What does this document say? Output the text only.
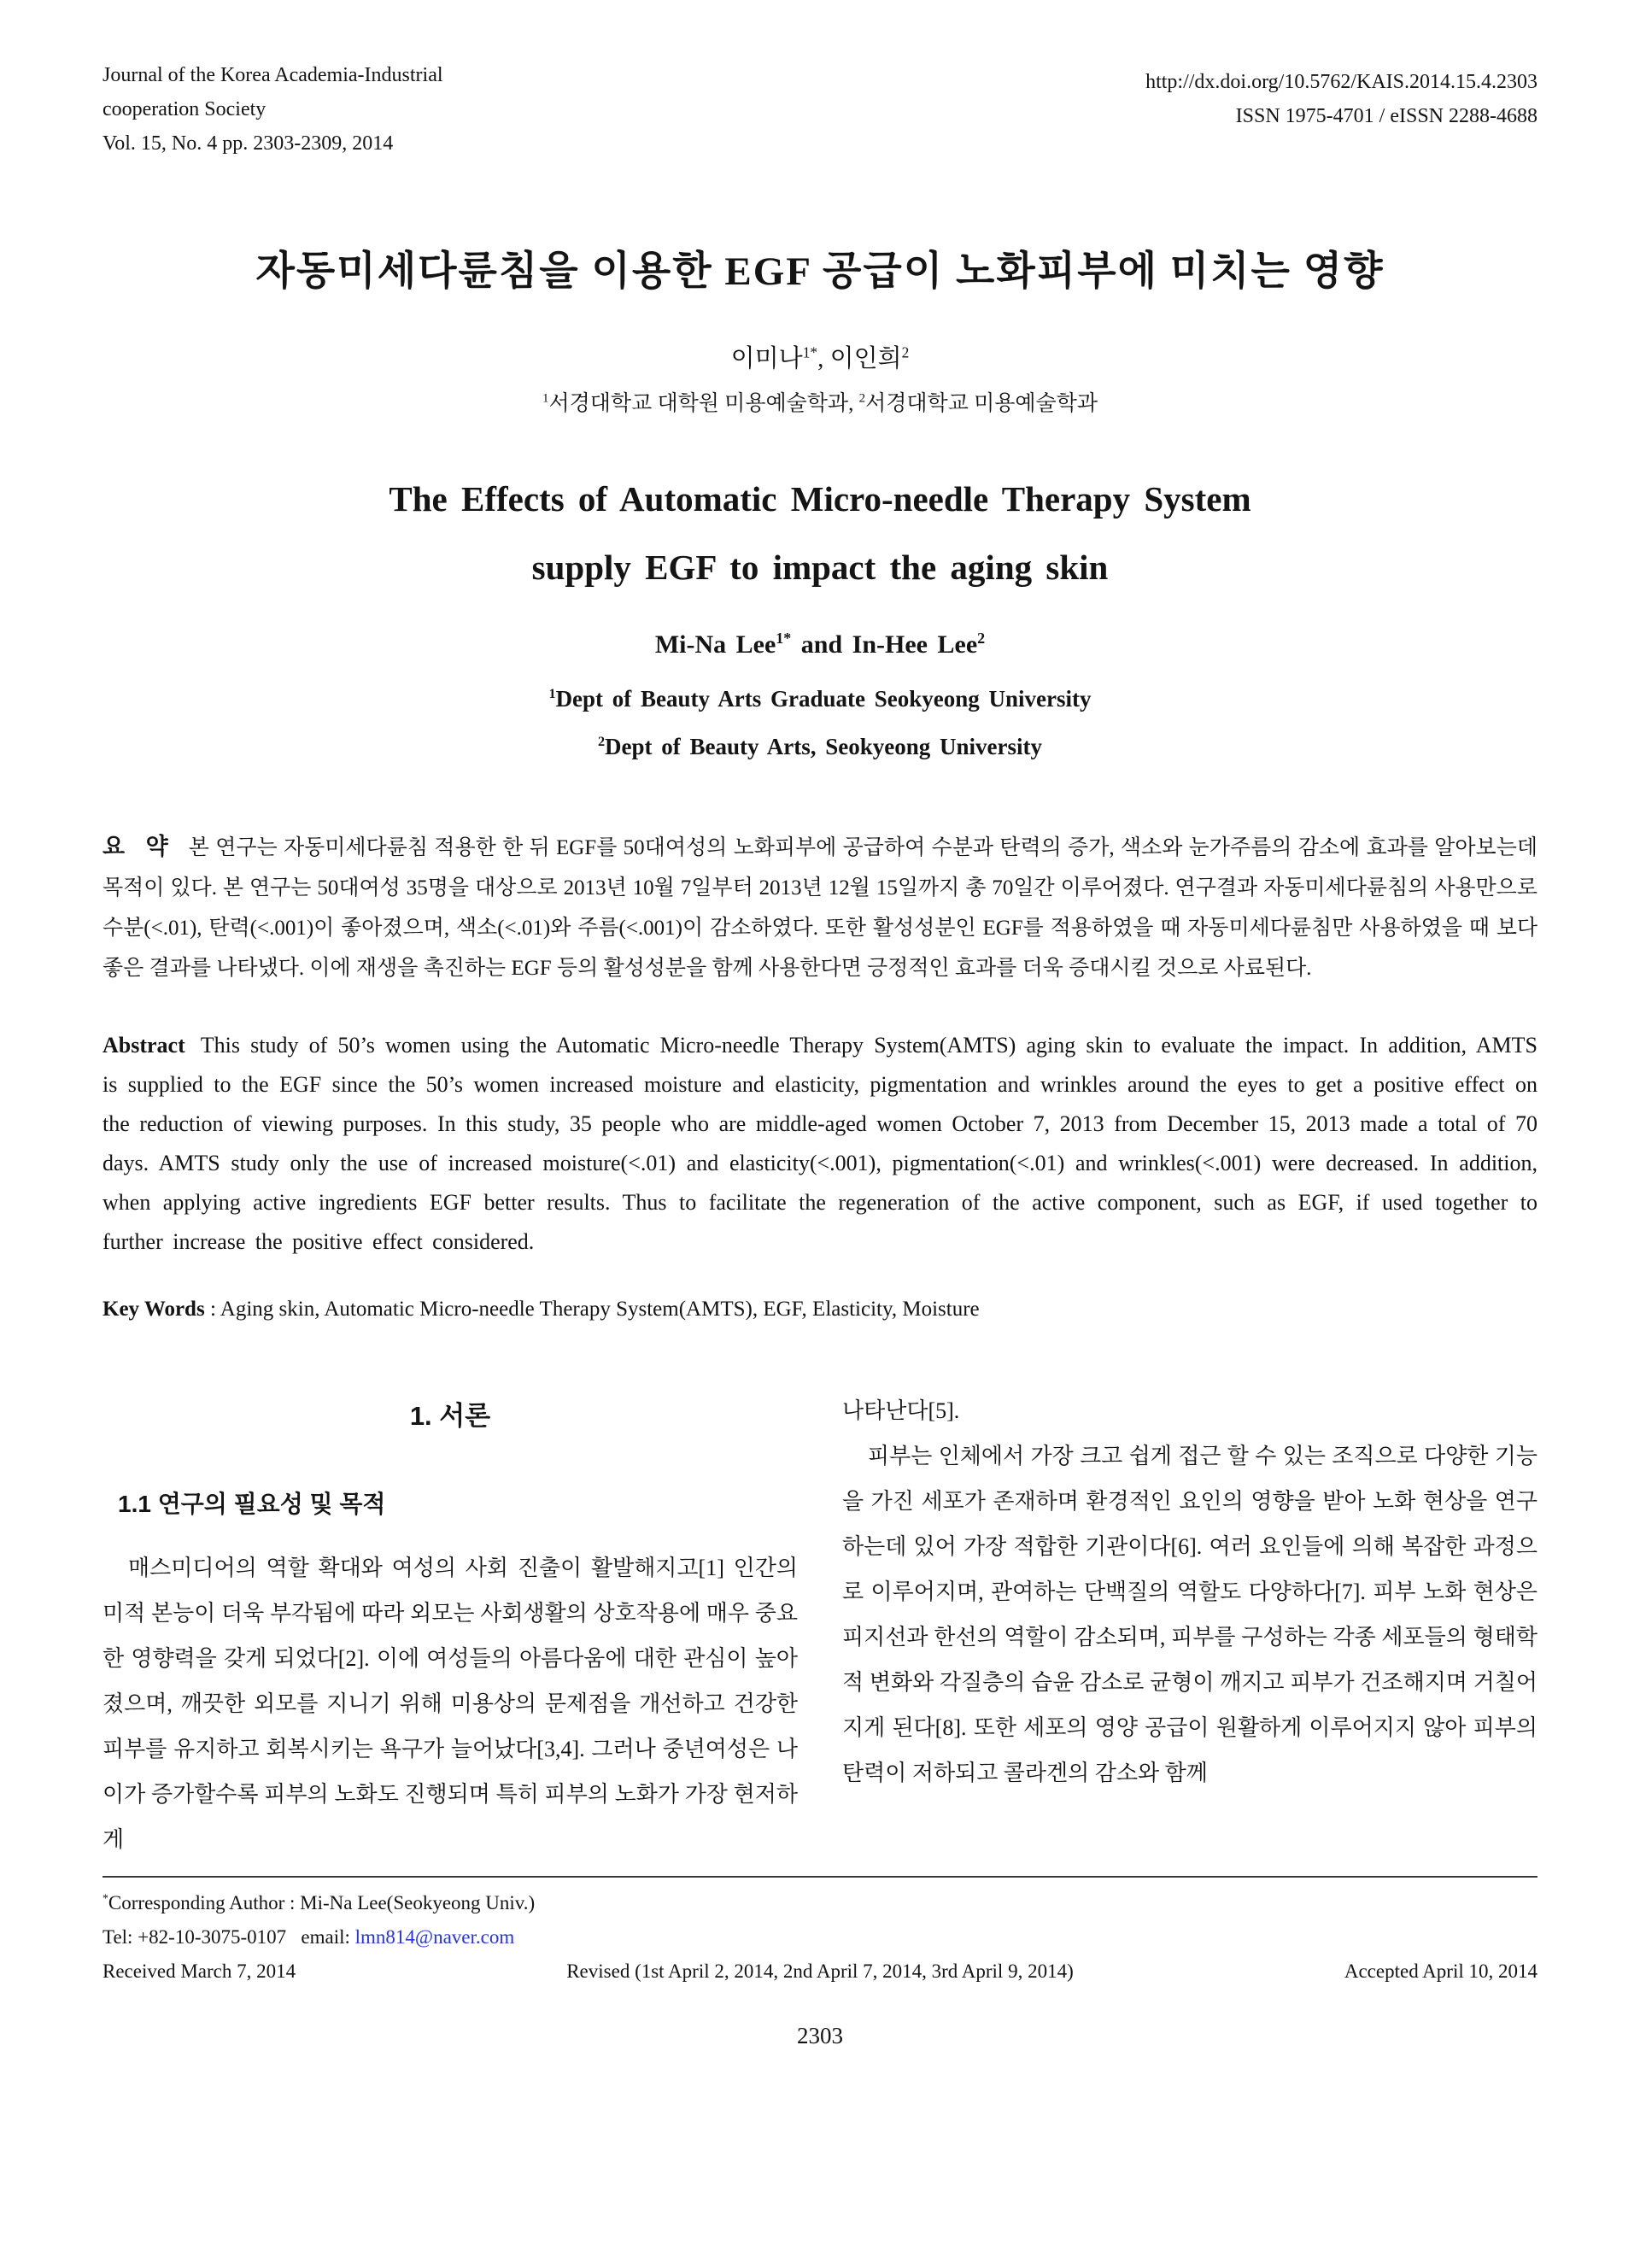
Journal of the Korea Academia-Industrial
cooperation Society
Vol. 15, No. 4 pp. 2303-2309, 2014
http://dx.doi.org/10.5762/KAIS.2014.15.4.2303
ISSN 1975-4701 / eISSN 2288-4688
자동미세다륜침을 이용한 EGF 공급이 노화피부에 미치는 영향
이미나$^{1*}$, 이인희$^2$
$^1$서경대학교 대학원 미용예술학과, $^2$서경대학교 미용예술학과
The Effects of Automatic Micro-needle Therapy System
supply EGF to impact the aging skin
Mi-Na Lee$^{1*}$ and In-Hee Lee$^2$
$^1$Dept of Beauty Arts Graduate Seokyeong University
$^2$Dept of Beauty Arts, Seokyeong University
요 약 본 연구는 자동미세다륜침 적용한 한 뒤 EGF를 50대여성의 노화피부에 공급하여 수분과 탄력의 증가, 색소와 눈가주름의 감소에 효과를 알아보는데 목적이 있다. 본 연구는 50대여성 35명을 대상으로 2013년 10월 7일부터 2013년 12월 15일까지 총 70일간 이루어졌다. 연구결과 자동미세다륜침의 사용만으로 수분(<.01), 탄력(<.001)이 좋아졌으며, 색소(<.01)와 주름(<.001)이 감소하였다. 또한 활성성분인 EGF를 적용하였을 때 자동미세다륜침만 사용하였을 때 보다 좋은 결과를 나타냈다. 이에 재생을 촉진하는 EGF 등의 활성성분을 함께 사용한다면 긍정적인 효과를 더욱 증대시킬 것으로 사료된다.
Abstract This study of 50’s women using the Automatic Micro-needle Therapy System(AMTS) aging skin to evaluate the impact. In addition, AMTS is supplied to the EGF since the 50’s women increased moisture and elasticity, pigmentation and wrinkles around the eyes to get a positive effect on the reduction of viewing purposes. In this study, 35 people who are middle-aged women October 7, 2013 from December 15, 2013 made a total of 70 days. AMTS study only the use of increased moisture(<.01) and elasticity(<.001), pigmentation(<.01) and wrinkles(<.001) were decreased. In addition, when applying active ingredients EGF better results. Thus to facilitate the regeneration of the active component, such as EGF, if used together to further increase the positive effect considered.
Key Words : Aging skin, Automatic Micro-needle Therapy System(AMTS), EGF, Elasticity, Moisture
1. 서론
1.1 연구의 필요성 및 목적

매스미디어의 역할 확대와 여성의 사회 진출이 활발해지고[1] 인간의 미적 본능이 더욱 부각됨에 따라 외모는 사회생활의 상호작용에 매우 중요한 영향력을 갖게 되었다[2]. 이에 여성들의 아름다움에 대한 관심이 높아졌으며, 깨끗한 외모를 지니기 위해 미용상의 문제점을 개선하고 건강한 피부를 유지하고 회복시키는 욕구가 늘어났다[3,4]. 그러나 중년여성은 나이가 증가할수록 피부의 노화도 진행되며 특히 피부의 노화가 가장 현저하게

나타난다[5].

피부는 인체에서 가장 크고 쉽게 접근 할 수 있는 조직으로 다양한 기능을 가진 세포가 존재하며 환경적인 요인의 영향을 받아 노화 현상을 연구하는데 있어 가장 적합한 기관이다[6]. 여러 요인들에 의해 복잡한 과정으로 이루어지며, 관여하는 단백질의 역할도 다양하다[7]. 피부 노화 현상은 피지선과 한선의 역할이 감소되며, 피부를 구성하는 각종 세포들의 형태학적 변화와 각질층의 습윤 감소로 균형이 깨지고 피부가 건조해지며 거칠어지게 된다[8]. 또한 세포의 영양 공급이 원활하게 이루어지지 않아 피부의 탄력이 저하되고 콜라겐의 감소와 함께

*Corresponding Author : Mi-Na Lee(Seokyeong Univ.)
Tel: +82-10-3075-0107 email: lmn814@naver.com
Received March 7, 2014	Revised (1st April 2, 2014, 2nd April 7, 2014, 3rd April 9, 2014)	Accepted April 10, 2014
2303
